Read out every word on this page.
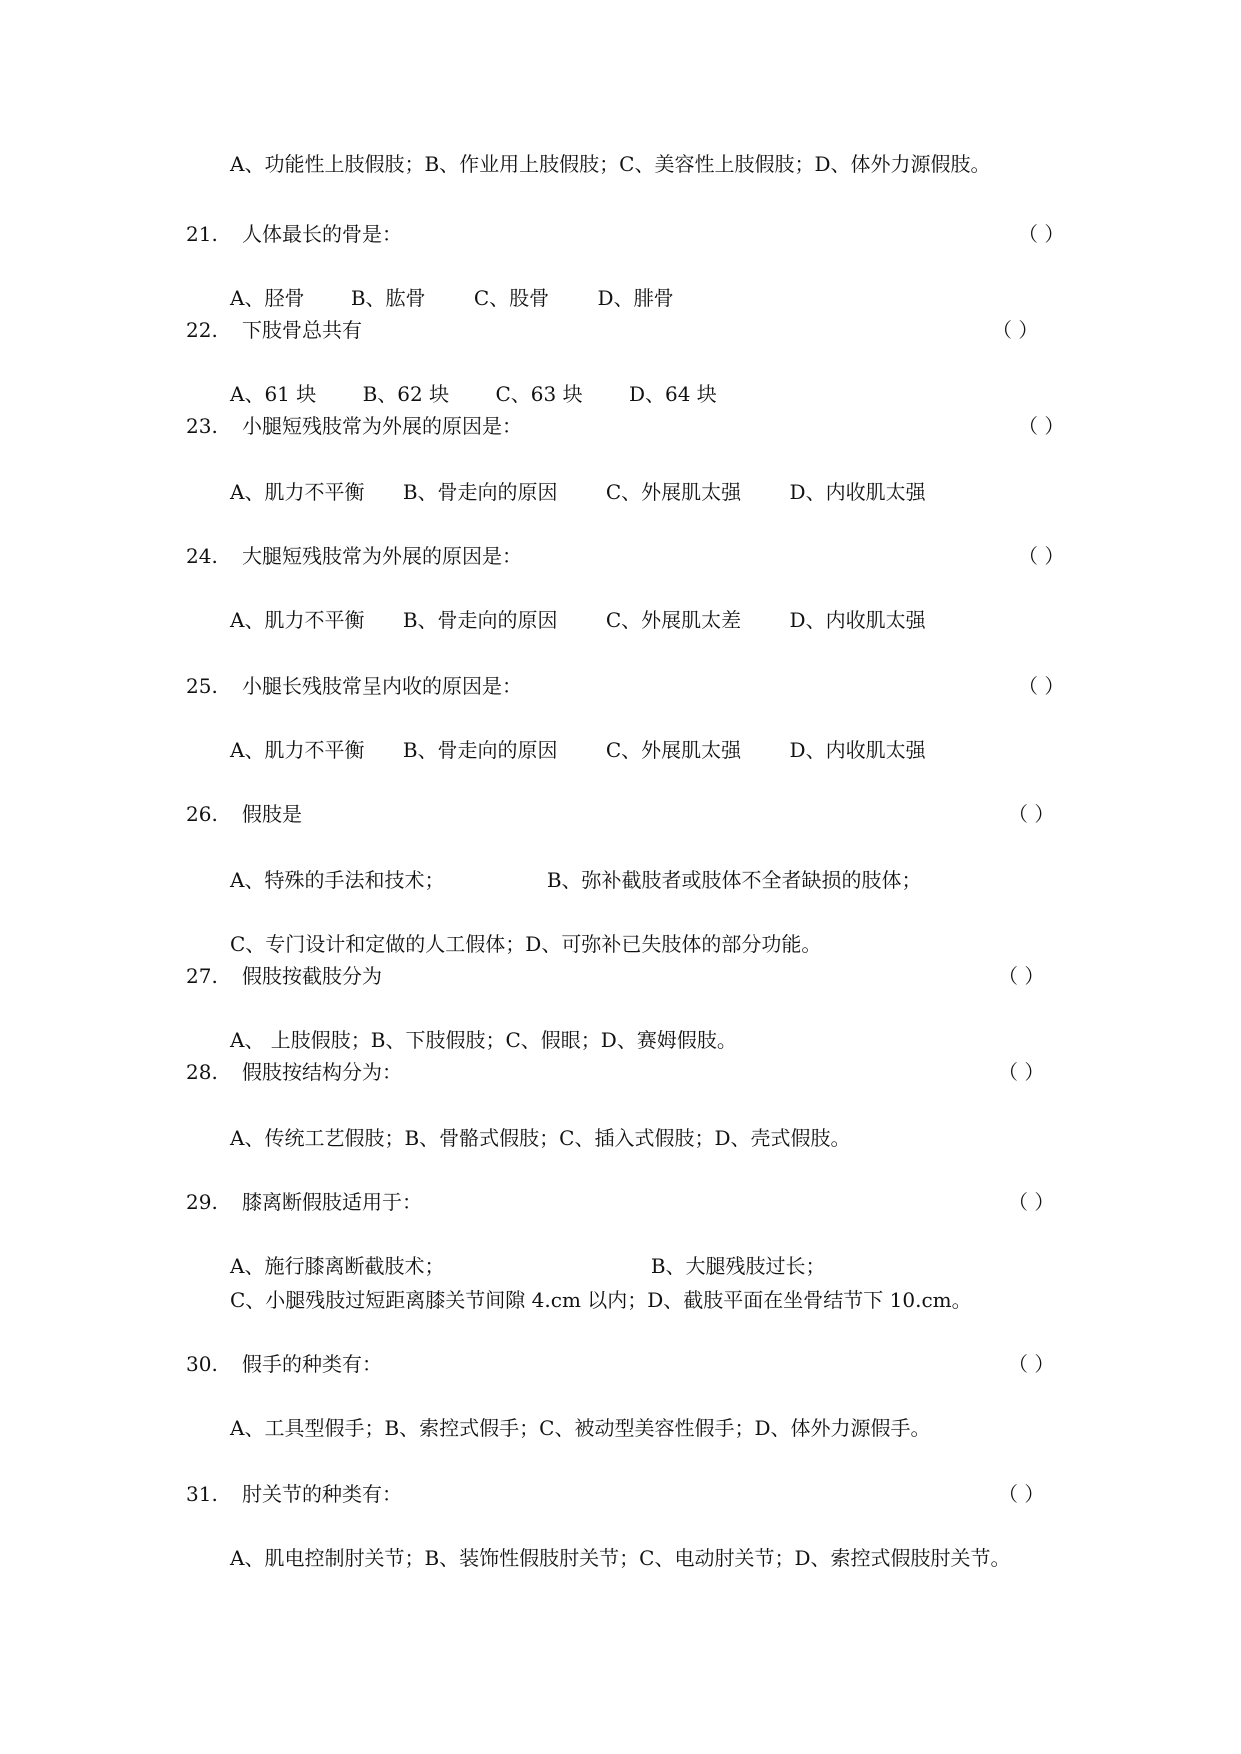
A、功能性上肢假肢；B、作业用上肢假肢；C、美容性上肢假肢；D、体外力源假肢。
21. 人体最长的骨是：	（ ）
A、胫骨 B、肱骨 C、股骨 D、腓骨
22. 下肢骨总共有	（ ）
A、61 块 B、62 块 C、63 块 D、64 块
23. 小腿短残肢常为外展的原因是：	（ ）
A、肌力不平衡 B、骨走向的原因 C、外展肌太强 D、内收肌太强
24. 大腿短残肢常为外展的原因是：	（ ）
A、肌力不平衡 B、骨走向的原因 C、外展肌太差 D、内收肌太强
25. 小腿长残肢常呈内收的原因是：	（ ）
A、肌力不平衡 B、骨走向的原因 C、外展肌太强 D、内收肌太强
26. 假肢是	（ ）
A、特殊的手法和技术；	B、弥补截肢者或肢体不全者缺损的肢体；
C、专门设计和定做的人工假体；D、可弥补已失肢体的部分功能。
27. 假肢按截肢分为	（ ）
A、 上肢假肢；B、下肢假肢；C、假眼；D、赛姆假肢。
28. 假肢按结构分为：	（ ）
A、传统工艺假肢；B、骨骼式假肢；C、插入式假肢；D、壳式假肢。
29. 膝离断假肢适用于：	（ ）
A、施行膝离断截肢术；	B、大腿残肢过长；
C、小腿残肢过短距离膝关节间隙 4.cm 以内；D、截肢平面在坐骨结节下 10.cm。
30. 假手的种类有：	（ ）
A、工具型假手；B、索控式假手；C、被动型美容性假手；D、体外力源假手。
31. 肘关节的种类有：	（ ）
A、肌电控制肘关节；B、装饰性假肢肘关节；C、电动肘关节；D、索控式假肢肘关节。
